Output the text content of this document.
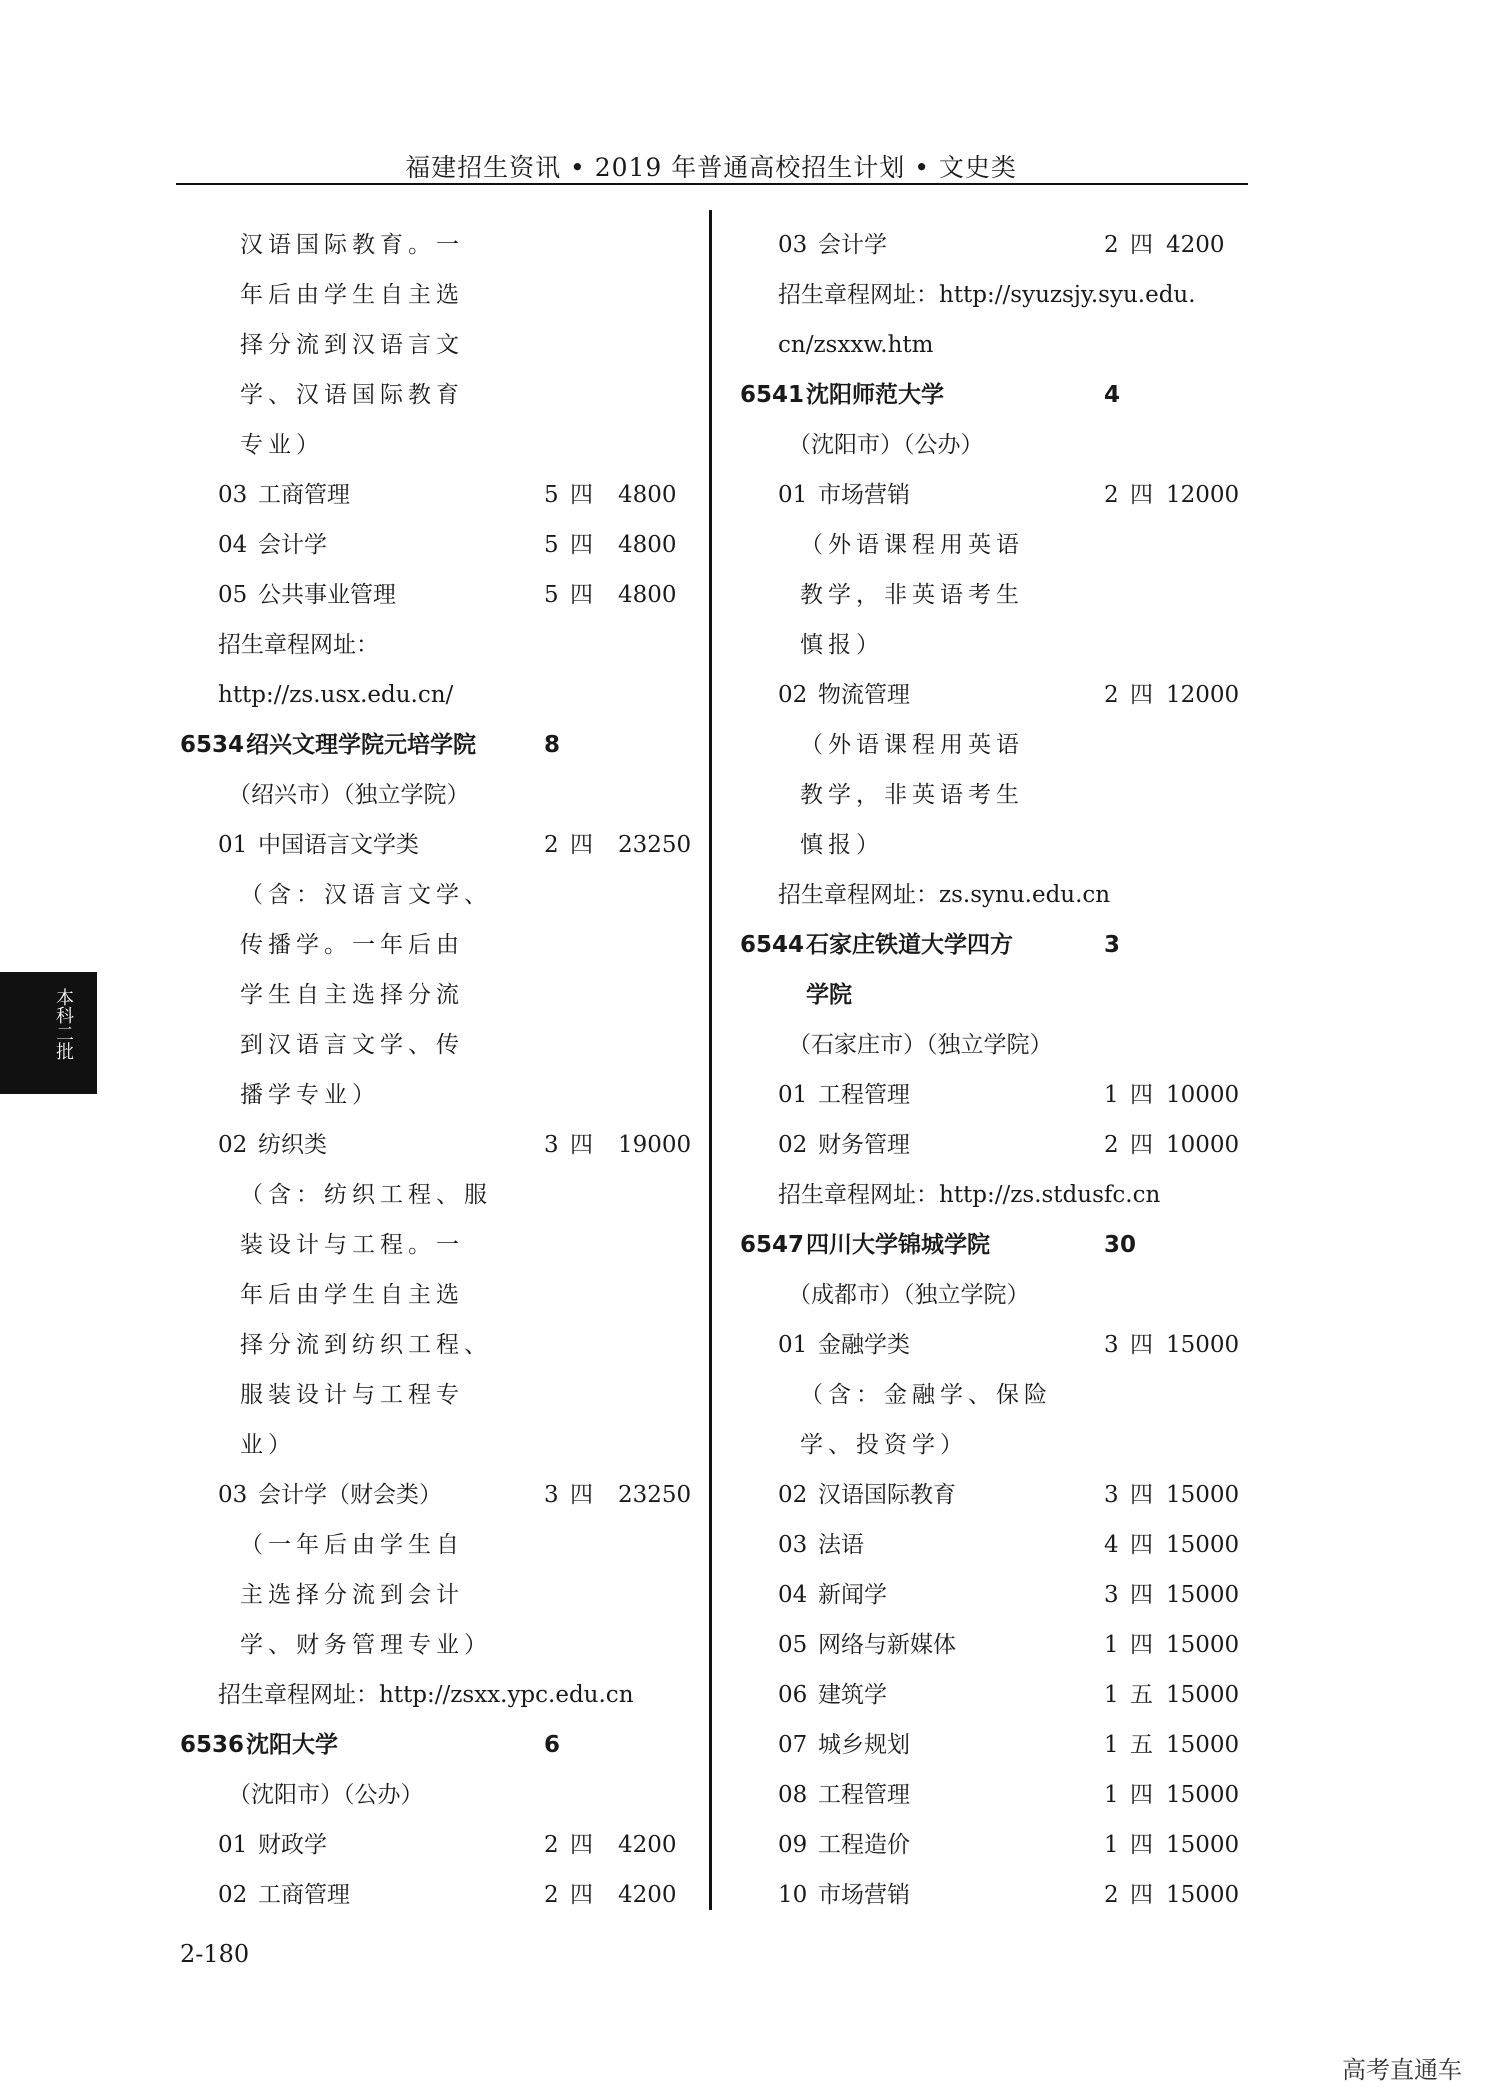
福建招生资讯 • 2019 年普通高校招生计划 • 文史类
汉语国际教育。一
年后由学生自主选
择分流到汉语言文
学、汉语国际教育
专业）
03 工商管理	5 四 4800
04 会计学	5 四 4800
05 公共事业管理	5 四 4800
招生章程网址：
http://zs.usx.edu.cn/
6534 绍兴文理学院元培学院	8
（绍兴市）（独立学院）
01 中国语言文学类	2 四 23250
（含：汉语言文学、
传播学。一年后由
学生自主选择分流
到汉语言文学、传
播学专业）
02 纺织类	3 四 19000
（含：纺织工程、服
装设计与工程。一
年后由学生自主选
择分流到纺织工程、
服装设计与工程专
业）
03 会计学（财会类）	3 四 23250
（一年后由学生自
主选择分流到会计
学、财务管理专业）
招生章程网址：http://zsxx.ypc.edu.cn
6536 沈阳大学	6
（沈阳市）（公办）
01 财政学	2 四 4200
02 工商管理	2 四 4200
03 会计学	2 四 4200
招生章程网址：http://syuzsjy.syu.edu.
cn/zsxxw.htm
6541 沈阳师范大学	4
（沈阳市）（公办）
01 市场营销	2 四 12000
（外语课程用英语
教学，非英语考生
慎报）
02 物流管理	2 四 12000
（外语课程用英语
教学，非英语考生
慎报）
招生章程网址：zs.synu.edu.cn
6544 石家庄铁道大学四方	3
学院
（石家庄市）（独立学院）
01 工程管理	1 四 10000
02 财务管理	2 四 10000
招生章程网址：http://zs.stdusfc.cn
6547 四川大学锦城学院	30
（成都市）（独立学院）
01 金融学类	3 四 15000
（含：金融学、保险
学、投资学）
02 汉语国际教育	3 四 15000
03 法语	4 四 15000
04 新闻学	3 四 15000
05 网络与新媒体	1 四 15000
06 建筑学	1 五 15000
07 城乡规划	1 五 15000
08 工程管理	1 四 15000
09 工程造价	1 四 15000
10 市场营销	2 四 15000
本科二批
2-180
高考直通车
